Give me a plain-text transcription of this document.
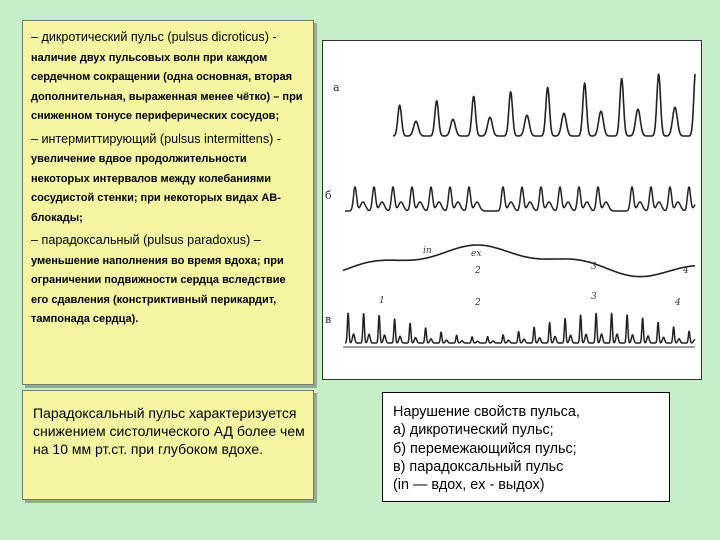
– дикротический пульс (pulsus dicroticus) - наличие двух пульсовых волн при каждом сердечном сокращении (одна основная, вторая дополнительная, выраженная менее чётко) – при сниженном тонусе периферических сосудов;

– интермиттирующий (pulsus intermittens) - увеличение вдвое продолжительности некоторых интервалов между колебаниями сосудистой стенки; при некоторых видах АВ-блокады;

– парадоксальный (pulsus paradoxus) – уменьшение наполнения во время вдоха; при ограничении подвижности сердца вследствие его сдавления (констриктивный перикардит, тампонада сердца).

Парадоксальный пульс характеризуется снижением систолического АД более чем на 10 мм рт.ст. при глубоком вдохе.

а
б
в
in	ex
2	3	4
1	2
3
4

Нарушение свойств пульса,

а) дикротический пульс;

б) перемежающийся пульс;

в) парадоксальный пульс

(in — вдох, ex - выдох)
